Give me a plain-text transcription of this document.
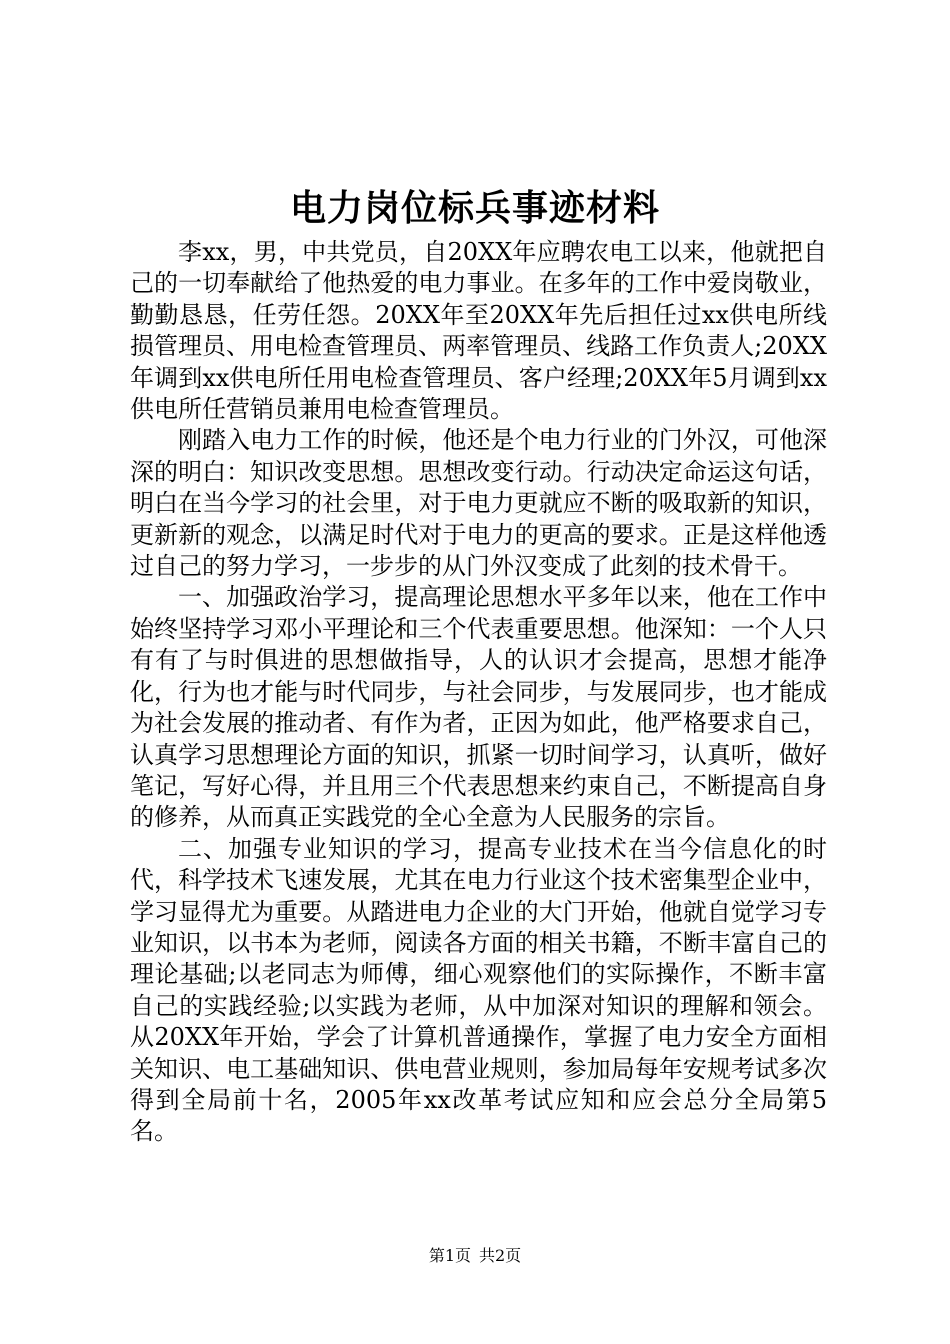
电力岗位标兵事迹材料

李xx，男，中共党员，自20XX年应聘农电工以来，他就把自己的一切奉献给了他热爱的电力事业。在多年的工作中爱岗敬业，勤勤恳恳，任劳任怨。20XX年至20XX年先后担任过xx供电所线损管理员、用电检查管理员、两率管理员、线路工作负责人;20XX年调到xx供电所任用电检查管理员、客户经理;20XX年5月调到xx供电所任营销员兼用电检查管理员。

刚踏入电力工作的时候，他还是个电力行业的门外汉，可他深深的明白：知识改变思想。思想改变行动。行动决定命运这句话，明白在当今学习的社会里，对于电力更就应不断的吸取新的知识，更新新的观念，以满足时代对于电力的更高的要求。正是这样他透过自己的努力学习，一步步的从门外汉变成了此刻的技术骨干。

一、加强政治学习，提高理论思想水平多年以来，他在工作中始终坚持学习邓小平理论和三个代表重要思想。他深知：一个人只有有了与时俱进的思想做指导，人的认识才会提高，思想才能净化，行为也才能与时代同步，与社会同步，与发展同步，也才能成为社会发展的推动者、有作为者，正因为如此，他严格要求自己，认真学习思想理论方面的知识，抓紧一切时间学习，认真听，做好笔记，写好心得，并且用三个代表思想来约束自己，不断提高自身的修养，从而真正实践党的全心全意为人民服务的宗旨。

二、加强专业知识的学习，提高专业技术在当今信息化的时代，科学技术飞速发展，尤其在电力行业这个技术密集型企业中，学习显得尤为重要。从踏进电力企业的大门开始，他就自觉学习专业知识，以书本为老师，阅读各方面的相关书籍，不断丰富自己的理论基础;以老同志为师傅，细心观察他们的实际操作，不断丰富自己的实践经验;以实践为老师，从中加深对知识的理解和领会。从20XX年开始，学会了计算机普通操作，掌握了电力安全方面相关知识、电工基础知识、供电营业规则，参加局每年安规考试多次得到全局前十名，2005年xx改革考试应知和应会总分全局第5名。

第1页 共2页
